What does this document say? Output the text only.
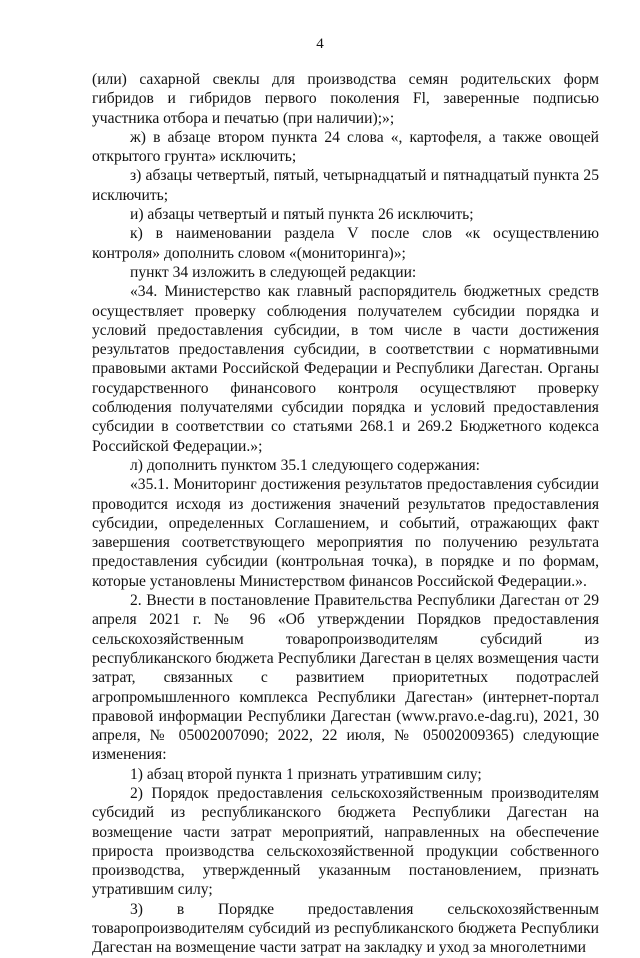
4

(или) сахарной свеклы для производства семян родительских форм гибридов и гибридов первого поколения Fl, заверенные подписью участника отбора и печатью (при наличии);»;

ж) в абзаце втором пункта 24 слова «, картофеля, а также овощей открытого грунта» исключить;

з) абзацы четвертый, пятый, четырнадцатый и пятнадцатый пункта 25 исключить;

и) абзацы четвертый и пятый пункта 26 исключить;

к) в наименовании раздела V после слов «к осуществлению контроля» дополнить словом «(мониторинга)»;

пункт 34 изложить в следующей редакции:

«34. Министерство как главный распорядитель бюджетных средств осуществляет проверку соблюдения получателем субсидии порядка и условий предоставления субсидии, в том числе в части достижения результатов предоставления субсидии, в соответствии с нормативными правовыми актами Российской Федерации и Республики Дагестан. Органы государственного финансового контроля осуществляют проверку соблюдения получателями субсидии порядка и условий предоставления субсидии в соответствии со статьями 268.1 и 269.2 Бюджетного кодекса Российской Федерации.»;

л) дополнить пунктом 35.1 следующего содержания:

«35.1. Мониторинг достижения результатов предоставления субсидии проводится исходя из достижения значений результатов предоставления субсидии, определенных Соглашением, и событий, отражающих факт завершения соответствующего мероприятия по получению результата предоставления субсидии (контрольная точка), в порядке и по формам, которые установлены Министерством финансов Российской Федерации.».

2. Внести в постановление Правительства Республики Дагестан от 29 апреля 2021 г. № 96 «Об утверждении Порядков предоставления сельскохозяйственным товаропроизводителям субсидий из республиканского бюджета Республики Дагестан в целях возмещения части затрат, связанных с развитием приоритетных подотраслей агропромышленного комплекса Республики Дагестан» (интернет-портал правовой информации Республики Дагестан (www.pravo.e-dag.ru), 2021, 30 апреля, № 05002007090; 2022, 22 июля, № 05002009365) следующие изменения:

1) абзац второй пункта 1 признать утратившим силу;

2) Порядок предоставления сельскохозяйственным производителям субсидий из республиканского бюджета Республики Дагестан на возмещение части затрат мероприятий, направленных на обеспечение прироста производства сельскохозяйственной продукции собственного производства, утвержденный указанным постановлением, признать утратившим силу;

3) в Порядке предоставления сельскохозяйственным товаропроизводителям субсидий из республиканского бюджета Республики Дагестан на возмещение части затрат на закладку и уход за многолетними
